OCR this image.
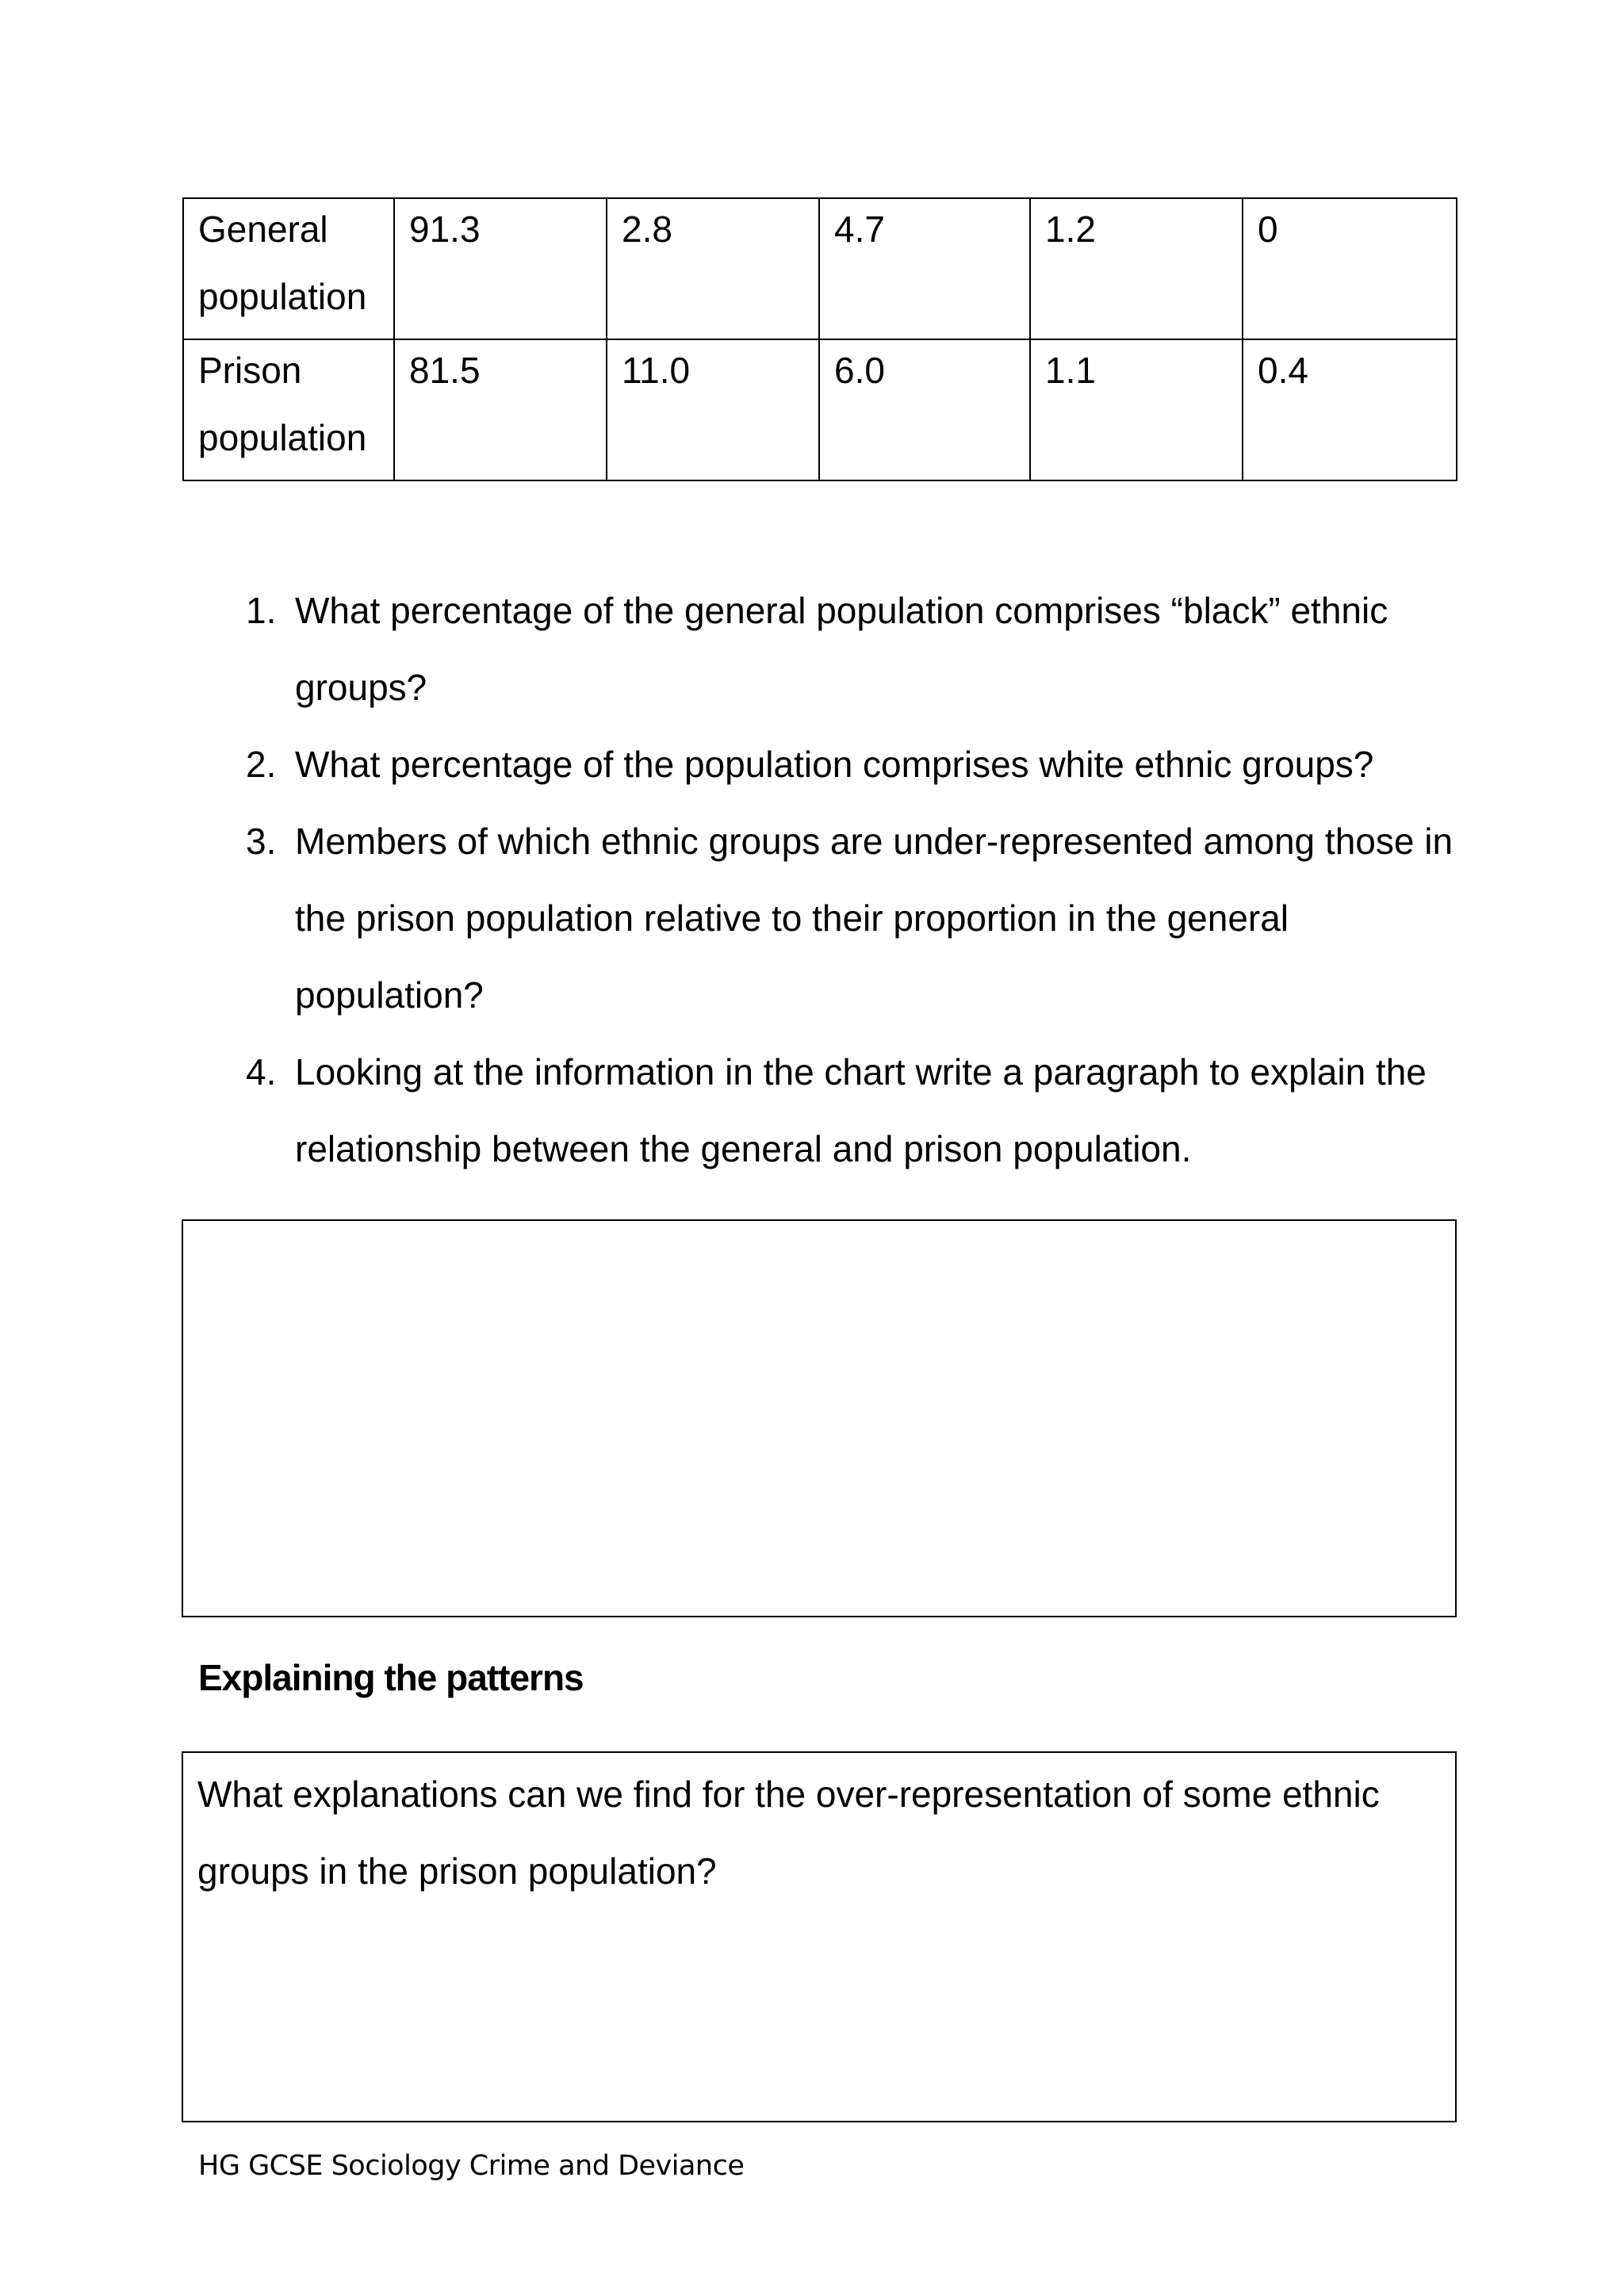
General population	91.3	2.8	4.7	1.2	0

Prison population	81.5	11.0	6.0	1.1	0.4
1. What percentage of the general population comprises “black” ethnic groups?
2. What percentage of the population comprises white ethnic groups?
3. Members of which ethnic groups are under-represented among those in the prison population relative to their proportion in the general population?
4. Looking at the information in the chart write a paragraph to explain the relationship between the general and prison population.
Explaining the patterns
What explanations can we find for the over-representation of some ethnic groups in the prison population?
HG GCSE Sociology Crime and Deviance
